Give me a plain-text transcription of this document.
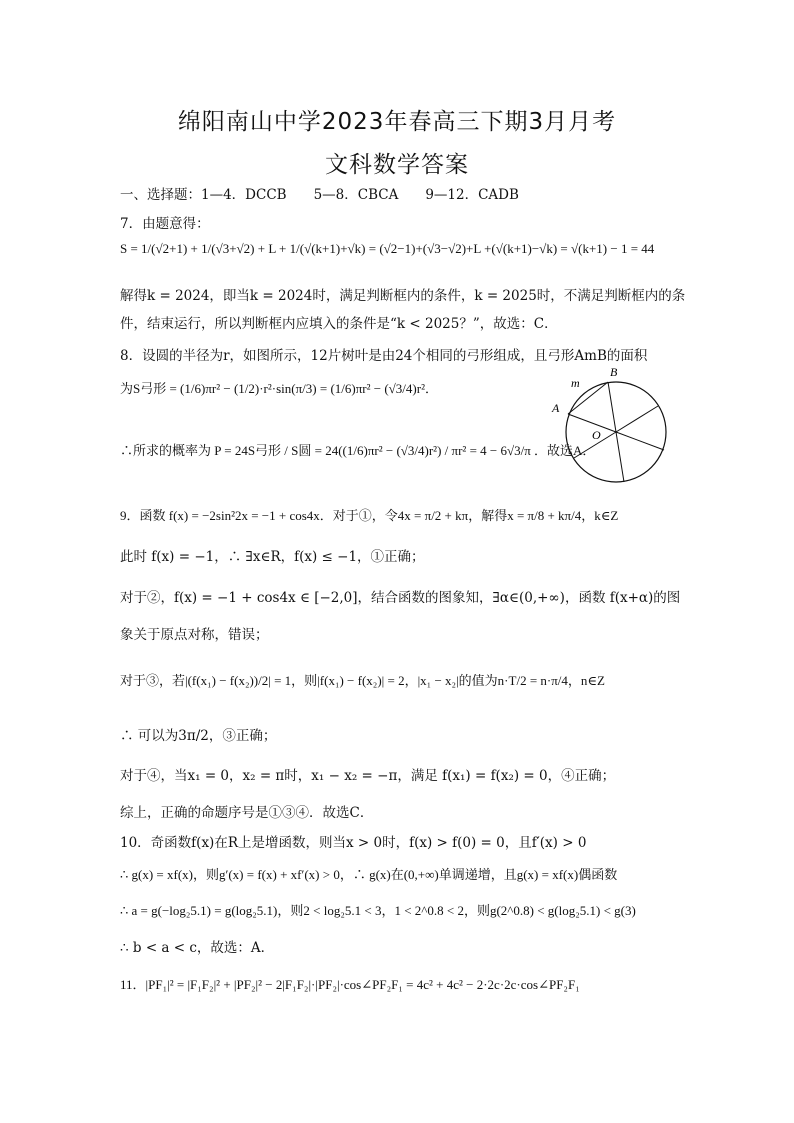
绵阳南山中学2023年春高三下期3月月考
文科数学答案
一、选择题：1—4．DCCB　　5—8．CBCA　　9—12．CADB
7．由题意得：
S = 1/(√2+1) + 1/(√3+√2) + L + 1/(√(k+1)+√k) = (√2−1)+(√3−√2)+L +(√(k+1)−√k) = √(k+1) − 1 = 44
解得k = 2024，即当k = 2024时，满足判断框内的条件，k = 2025时，不满足判断框内的条
件，结束运行，所以判断框内应填入的条件是“k < 2025？”，故选：C．
8．设圆的半径为r，如图所示，12片树叶是由24个相同的弓形组成，且弓形AmB的面积
为S弓形 = (1/6)πr² − (1/2)·r²·sin(π/3) = (1/6)πr² − (√3/4)r²．
∴所求的概率为 P = 24S弓形 / S圆 = 24((1/6)πr² − (√3/4)r²) / πr² = 4 − 6√3/π ．故选A．
m
B
A
O
9．函数 f(x) = −2sin²2x = −1 + cos4x．对于①，令4x = π/2 + kπ，解得x = π/8 + kπ/4，k∈Z
此时 f(x) = −1，∴ ∃x∈R，f(x) ≤ −1，①正确；
对于②，f(x) = −1 + cos4x ∈ [−2,0]，结合函数的图象知，∃α∈(0,+∞)，函数 f(x+α)的图
象关于原点对称，错误；
对于③，若|(f(x₁) − f(x₂))/2| = 1，则|f(x₁) − f(x₂)| = 2，|x₁ − x₂|的值为n·T/2 = n·π/4，n∈Z
∴ 可以为3π/2，③正确；
对于④，当x₁ = 0，x₂ = π时，x₁ − x₂ = −π，满足 f(x₁) = f(x₂) = 0，④正确；
综上，正确的命题序号是①③④．故选C．
10．奇函数f(x)在R上是增函数，则当x > 0时，f(x) > f(0) = 0，且f′(x) > 0
∴ g(x) = xf(x)，则g′(x) = f(x) + xf′(x) > 0，∴ g(x)在(0,+∞)单调递增，且g(x) = xf(x)偶函数
∴ a = g(−log₂5.1) = g(log₂5.1)，则2 < log₂5.1 < 3，1 < 2^0.8 < 2，则g(2^0.8) < g(log₂5.1) < g(3)
∴ b < a < c，故选：A．
11．|PF₁|² = |F₁F₂|² + |PF₂|² − 2|F₁F₂|·|PF₂|·cos∠PF₂F₁ = 4c² + 4c² − 2·2c·2c·cos∠PF₂F₁
